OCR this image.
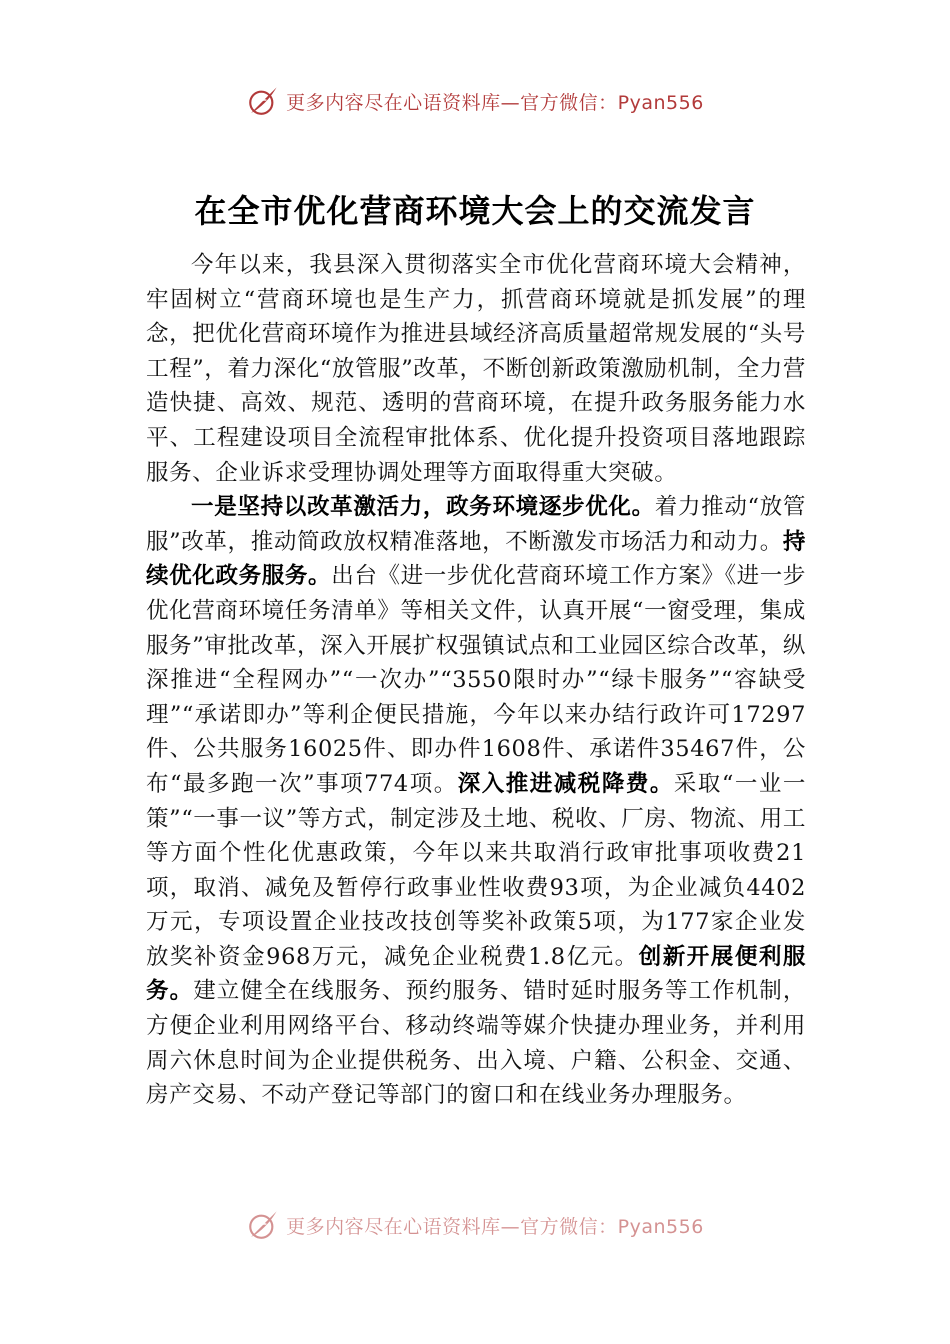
更多内容尽在心语资料库—官方微信：Pyan556
在全市优化营商环境大会上的交流发言

今年以来，我县深入贯彻落实全市优化营商环境大会精神，牢固树立“营商环境也是生产力，抓营商环境就是抓发展”的理念，把优化营商环境作为推进县域经济高质量超常规发展的“头号工程”，着力深化“放管服”改革，不断创新政策激励机制，全力营造快捷、高效、规范、透明的营商环境，在提升政务服务能力水平、工程建设项目全流程审批体系、优化提升投资项目落地跟踪服务、企业诉求受理协调处理等方面取得重大突破。

一是坚持以改革激活力，政务环境逐步优化。着力推动“放管服”改革，推动简政放权精准落地，不断激发市场活力和动力。持续优化政务服务。出台《进一步优化营商环境工作方案》《进一步优化营商环境任务清单》等相关文件，认真开展“一窗受理，集成服务”审批改革，深入开展扩权强镇试点和工业园区综合改革，纵深推进“全程网办”“一次办”“3550限时办”“绿卡服务”“容缺受理”“承诺即办”等利企便民措施，今年以来办结行政许可17297件、公共服务16025件、即办件1608件、承诺件35467件，公布“最多跑一次”事项774项。深入推进减税降费。采取“一业一策”“一事一议”等方式，制定涉及土地、税收、厂房、物流、用工等方面个性化优惠政策，今年以来共取消行政审批事项收费21项，取消、减免及暂停行政事业性收费93项，为企业减负4402万元，专项设置企业技改技创等奖补政策5项，为177家企业发放奖补资金968万元，减免企业税费1.8亿元。创新开展便利服务。建立健全在线服务、预约服务、错时延时服务等工作机制，方便企业利用网络平台、移动终端等媒介快捷办理业务，并利用周六休息时间为企业提供税务、出入境、户籍、公积金、交通、房产交易、不动产登记等部门的窗口和在线业务办理服务。

更多内容尽在心语资料库—官方微信：Pyan556
